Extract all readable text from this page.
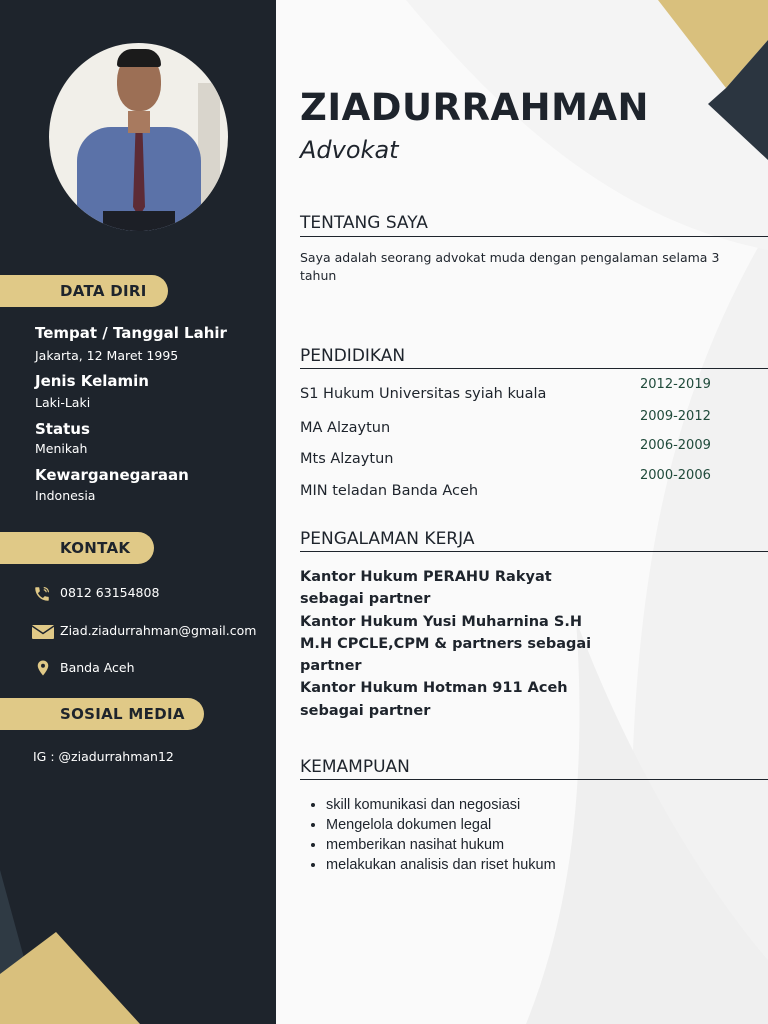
DATA DIRI
Tempat / Tanggal Lahir
Jakarta, 12 Maret 1995
Jenis Kelamin
Laki-Laki
Status
Menikah
Kewarganegaraan
Indonesia
KONTAK
0812 63154808
Ziad.ziadurrahman@gmail.com
Banda Aceh
SOSIAL MEDIA
IG : @ziadurrahman12
ZIADURRAHMAN
Advokat
TENTANG SAYA
Saya adalah seorang advokat muda dengan pengalaman selama 3 tahun
PENDIDIKAN
S1 Hukum Universitas syiah kuala
MA Alzaytun
Mts Alzaytun
MIN teladan Banda Aceh
2012-2019
2009-2012
2006-2009
2000-2006
PENGALAMAN KERJA

Kantor Hukum PERAHU Rakyat sebagai partner

Kantor Hukum Yusi Muharnina S.H M.H CPCLE,CPM & partners sebagai partner

Kantor Hukum Hotman 911 Aceh sebagai partner

KEMAMPUAN
• skill komunikasi dan negosiasi
• Mengelola dokumen legal
• memberikan nasihat hukum
• melakukan analisis dan riset hukum
